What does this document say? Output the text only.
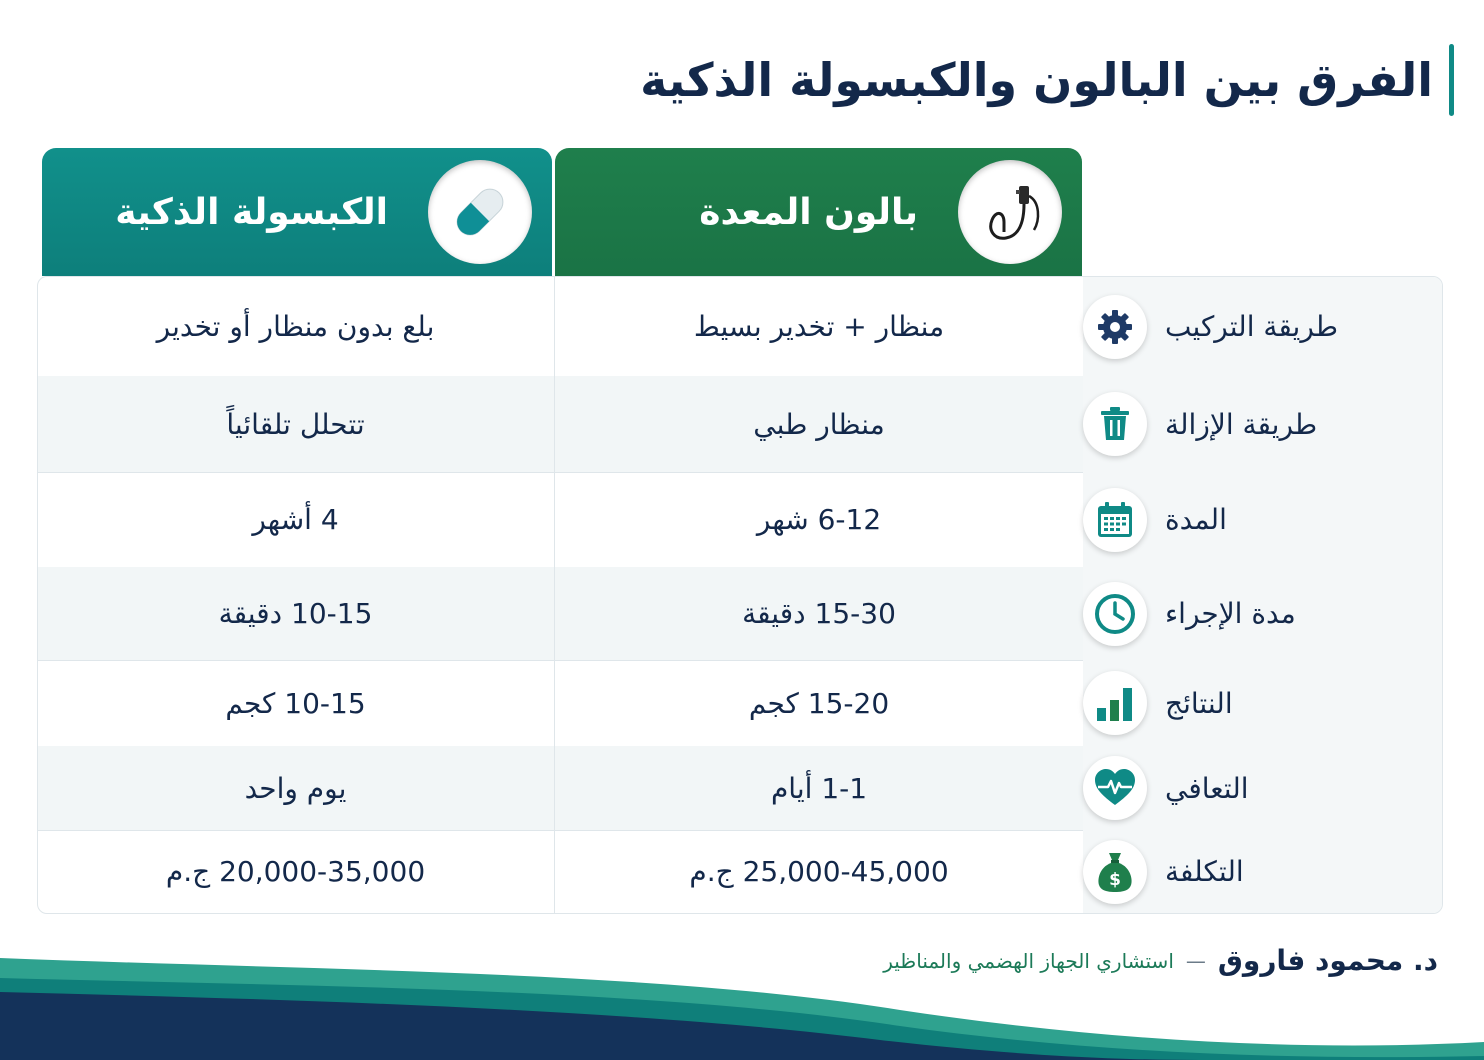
الفرق بين البالون والكبسولة الذكية
الكبسولة الذكية	بالون المعدة
بلع بدون منظار أو تخدير	منظار + تخدير بسيط	طريقة التركيب
تتحلل تلقائياً	منظار طبي	طريقة الإزالة
4 أشهر	6-12 شهر	المدة
10-15 دقيقة	15-30 دقيقة	مدة الإجراء
10-15 كجم	15-20 كجم	النتائج
يوم واحد	1-1 أيام	التعافي
20,000-35,000 ج.م	25,000-45,000 ج.م	التكلفة
$
د. محمود فاروق
—
استشاري الجهاز الهضمي والمناظير
